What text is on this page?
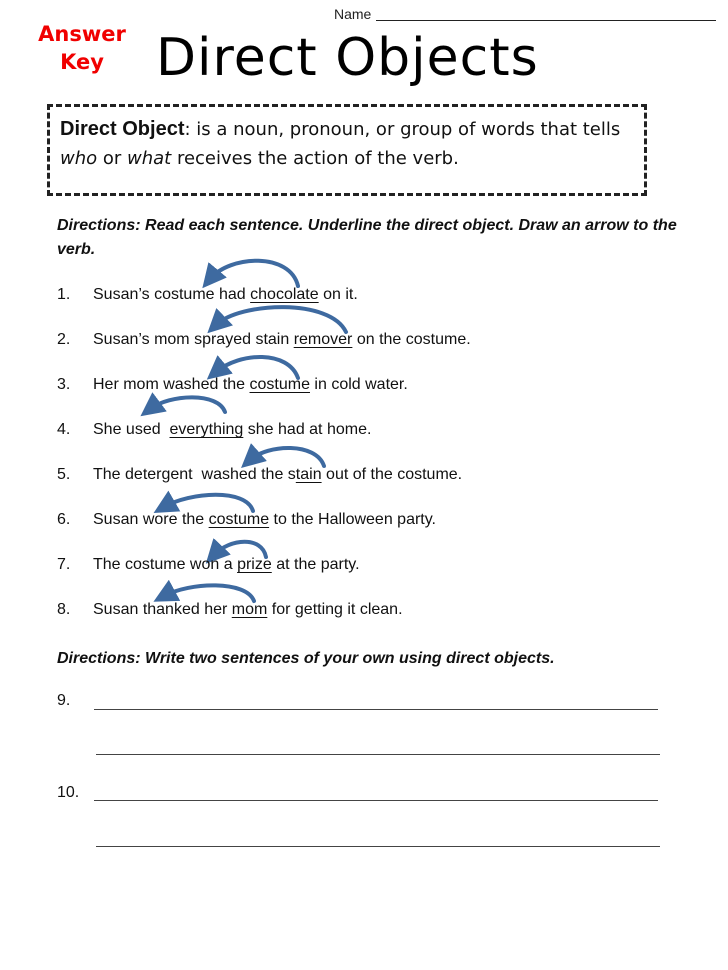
Name
Answer
Key	Direct Objects
Direct Object: is a noun, pronoun, or group of words that tells who or what receives the action of the verb.
Directions: Read each sentence. Underline the direct object. Draw an arrow to the verb.
1. Susan’s costume had chocolate on it.
2. Susan’s mom sprayed stain remover on the costume.
3. Her mom washed the costume in cold water.
4. She used  everything she had at home.
5. The detergent  washed the stain out of the costume.
6. Susan wore the costume to the Halloween party.
7. The costume won a prize at the party.
8. Susan thanked her mom for getting it clean.
Directions: Write two sentences of your own using direct objects.
9.
10.
